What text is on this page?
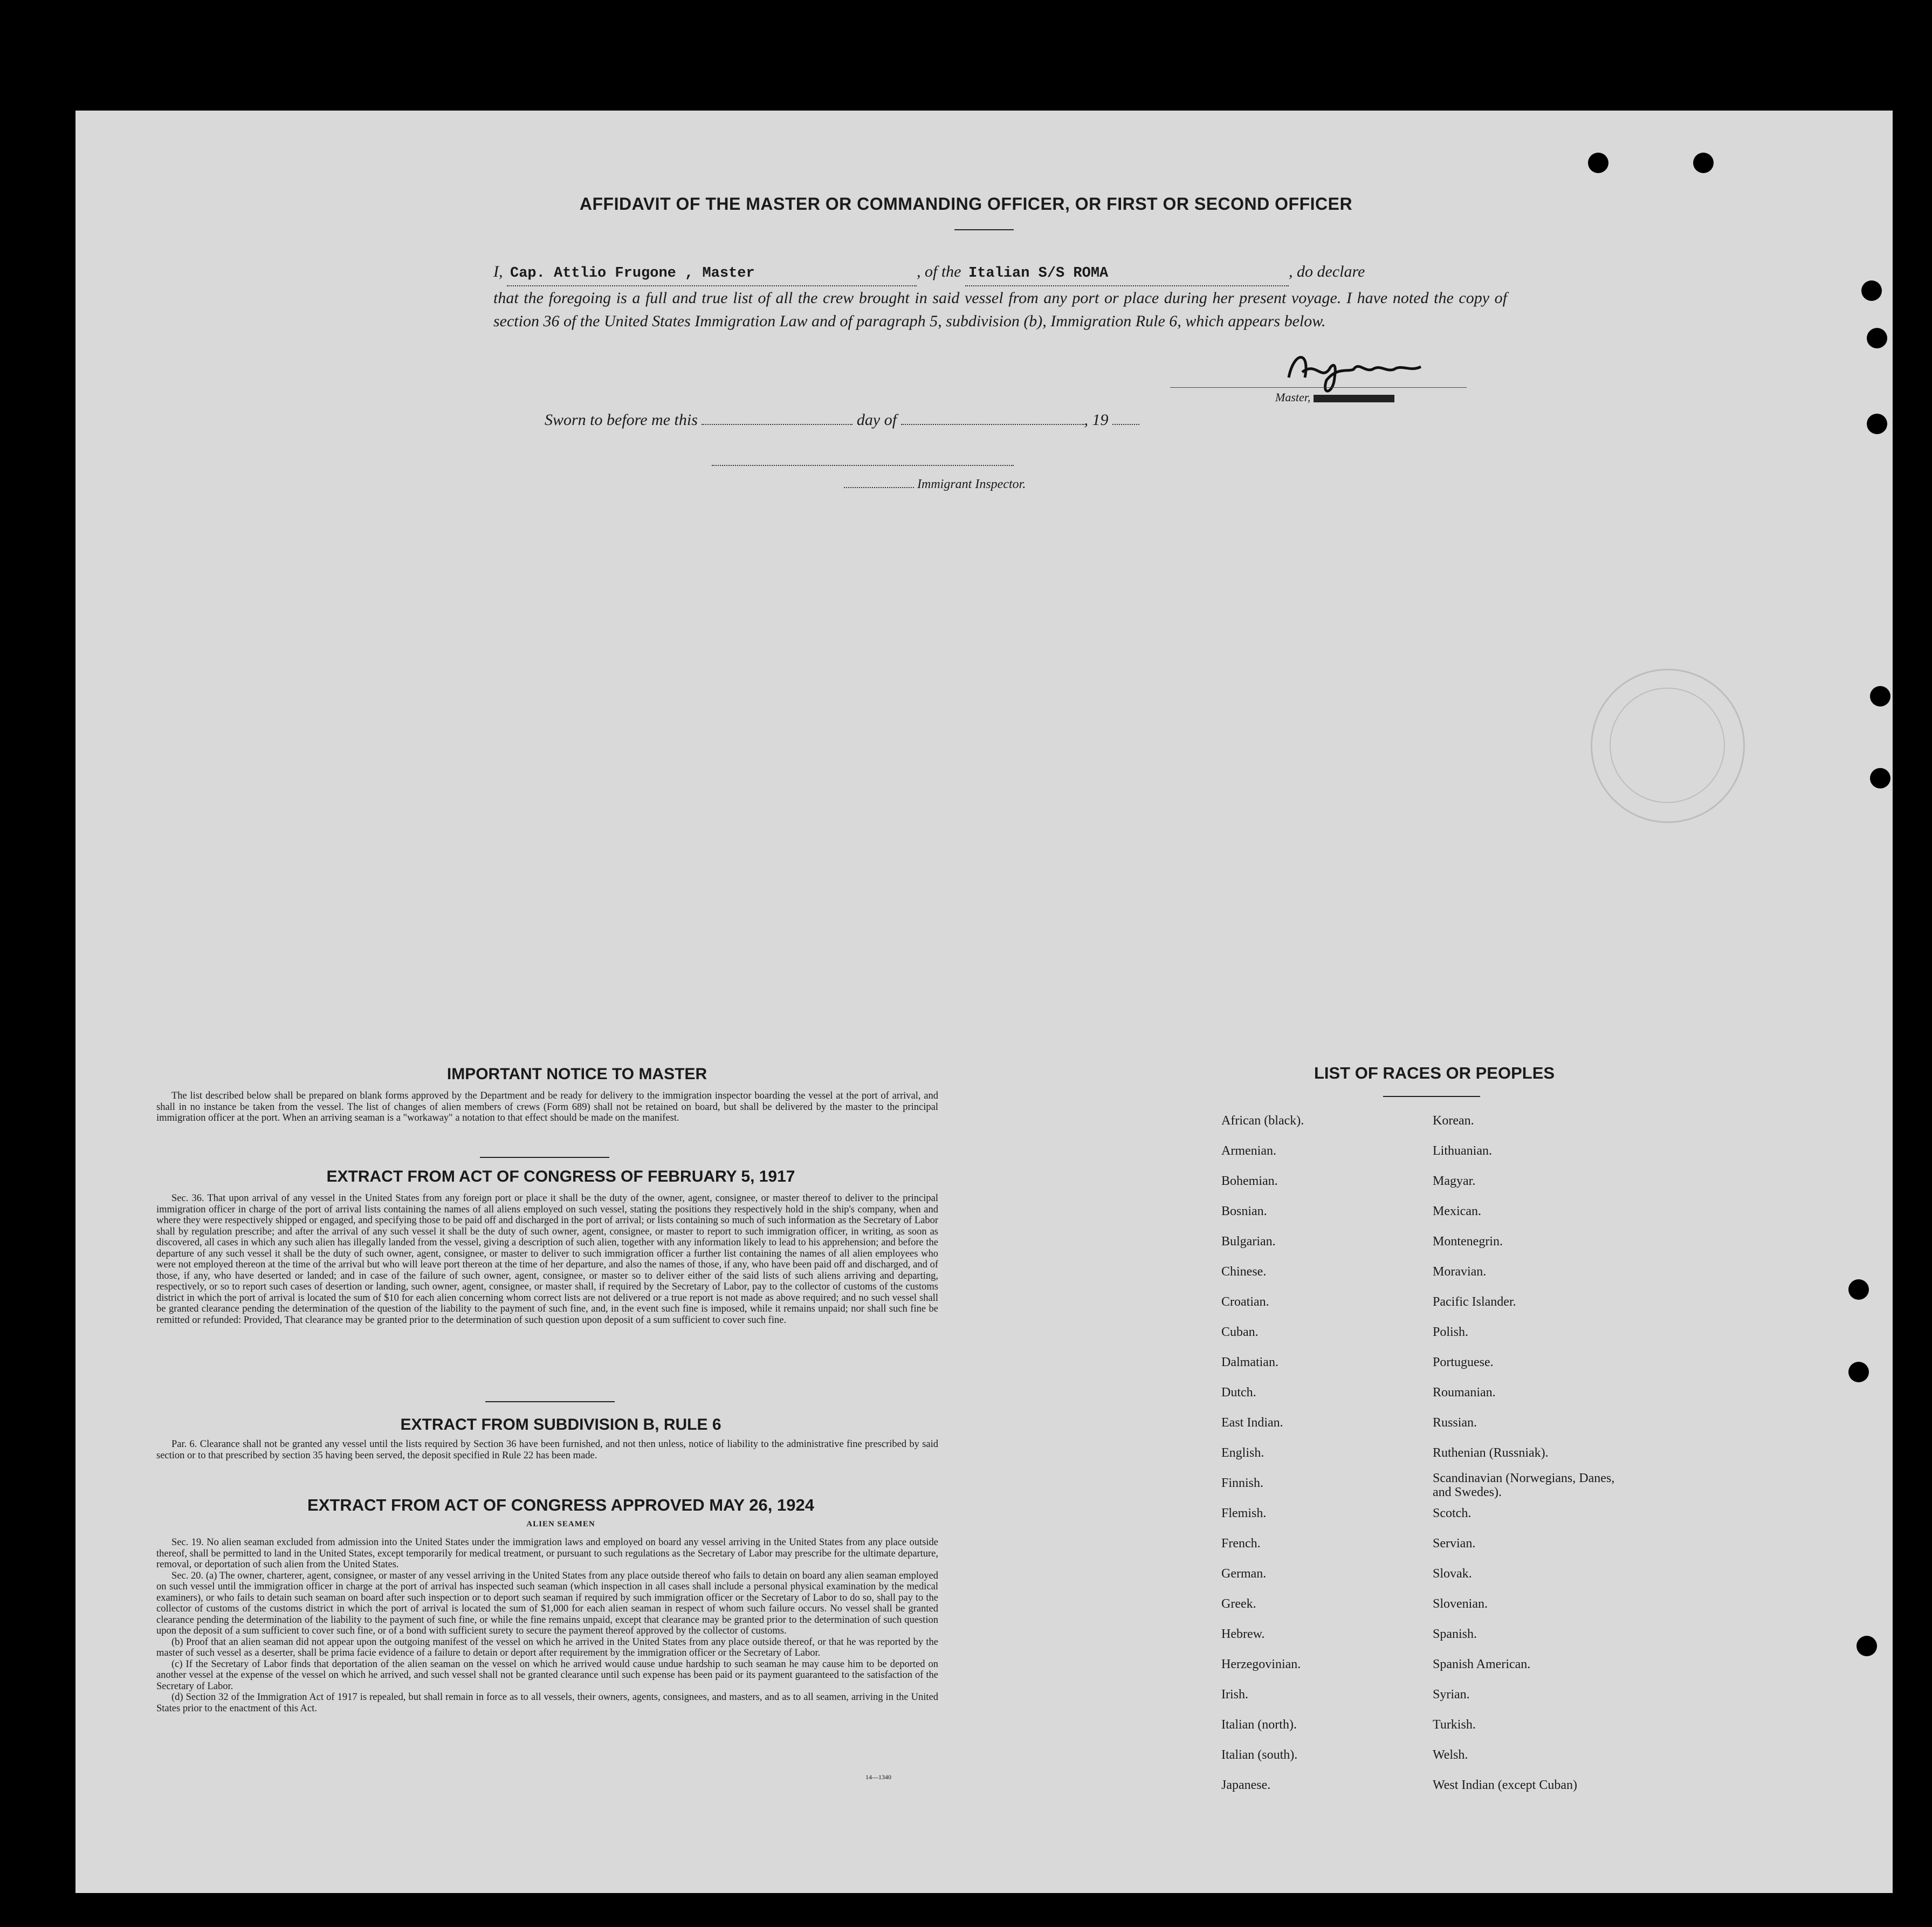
AFFIDAVIT OF THE MASTER OR COMMANDING OFFICER, OR FIRST OR SECOND OFFICER
I, Cap. Attlio Frugone , Master	, of the Italian S/S ROMA	, do declare
that the foregoing is a full and true list of all the crew brought in said vessel from any port or place during her present voyage. I have noted the copy of section 36 of the United States Immigration Law and of paragraph 5, subdivision (b), Immigration Rule 6, which appears below.
Master,
Sworn to before me this	day of	, 19
Immigrant Inspector.
IMPORTANT NOTICE TO MASTER

The list described below shall be prepared on blank forms approved by the Department and be ready for delivery to the immigration inspector boarding the vessel at the port of arrival, and shall in no instance be taken from the vessel. The list of changes of alien members of crews (Form 689) shall not be retained on board, but shall be delivered by the master to the principal immigration officer at the port. When an arriving seaman is a "workaway" a notation to that effect should be made on the manifest.

EXTRACT FROM ACT OF CONGRESS OF FEBRUARY 5, 1917

Sec. 36. That upon arrival of any vessel in the United States from any foreign port or place it shall be the duty of the owner, agent, consignee, or master thereof to deliver to the principal immigration officer in charge of the port of arrival lists containing the names of all aliens employed on such vessel, stating the positions they respectively hold in the ship's company, when and where they were respectively shipped or engaged, and specifying those to be paid off and discharged in the port of arrival; or lists containing so much of such information as the Secretary of Labor shall by regulation prescribe; and after the arrival of any such vessel it shall be the duty of such owner, agent, consignee, or master to report to such immigration officer, in writing, as soon as discovered, all cases in which any such alien has illegally landed from the vessel, giving a description of such alien, together with any information likely to lead to his apprehension; and before the departure of any such vessel it shall be the duty of such owner, agent, consignee, or master to deliver to such immigration officer a further list containing the names of all alien employees who were not employed thereon at the time of the arrival but who will leave port thereon at the time of her departure, and also the names of those, if any, who have been paid off and discharged, and of those, if any, who have deserted or landed; and in case of the failure of such owner, agent, consignee, or master so to deliver either of the said lists of such aliens arriving and departing, respectively, or so to report such cases of desertion or landing, such owner, agent, consignee, or master shall, if required by the Secretary of Labor, pay to the collector of customs of the customs district in which the port of arrival is located the sum of $10 for each alien concerning whom correct lists are not delivered or a true report is not made as above required; and no such vessel shall be granted clearance pending the determination of the question of the liability to the payment of such fine, and, in the event such fine is imposed, while it remains unpaid; nor shall such fine be remitted or refunded: Provided, That clearance may be granted prior to the determination of such question upon deposit of a sum sufficient to cover such fine.

EXTRACT FROM SUBDIVISION B, RULE 6

Par. 6. Clearance shall not be granted any vessel until the lists required by Section 36 have been furnished, and not then unless, notice of liability to the administrative fine prescribed by said section or to that prescribed by section 35 having been served, the deposit specified in Rule 22 has been made.

EXTRACT FROM ACT OF CONGRESS APPROVED MAY 26, 1924
ALIEN SEAMEN

Sec. 19. No alien seaman excluded from admission into the United States under the immigration laws and employed on board any vessel arriving in the United States from any place outside thereof, shall be permitted to land in the United States, except temporarily for medical treatment, or pursuant to such regulations as the Secretary of Labor may prescribe for the ultimate departure, removal, or deportation of such alien from the United States.

Sec. 20. (a) The owner, charterer, agent, consignee, or master of any vessel arriving in the United States from any place outside thereof who fails to detain on board any alien seaman employed on such vessel until the immigration officer in charge at the port of arrival has inspected such seaman (which inspection in all cases shall include a personal physical examination by the medical examiners), or who fails to detain such seaman on board after such inspection or to deport such seaman if required by such immigration officer or the Secretary of Labor to do so, shall pay to the collector of customs of the customs district in which the port of arrival is located the sum of $1,000 for each alien seaman in respect of whom such failure occurs. No vessel shall be granted clearance pending the determination of the liability to the payment of such fine, or while the fine remains unpaid, except that clearance may be granted prior to the determination of such question upon the deposit of a sum sufficient to cover such fine, or of a bond with sufficient surety to secure the payment thereof approved by the collector of customs.

(b) Proof that an alien seaman did not appear upon the outgoing manifest of the vessel on which he arrived in the United States from any place outside thereof, or that he was reported by the master of such vessel as a deserter, shall be prima facie evidence of a failure to detain or deport after requirement by the immigration officer or the Secretary of Labor.

(c) If the Secretary of Labor finds that deportation of the alien seaman on the vessel on which he arrived would cause undue hardship to such seaman he may cause him to be deported on another vessel at the expense of the vessel on which he arrived, and such vessel shall not be granted clearance until such expense has been paid or its payment guaranteed to the satisfaction of the Secretary of Labor.

(d) Section 32 of the Immigration Act of 1917 is repealed, but shall remain in force as to all vessels, their owners, agents, consignees, and masters, and as to all seamen, arriving in the United States prior to the enactment of this Act.

14—1340
LIST OF RACES OR PEOPLES
African (black).
Armenian.
Bohemian.
Bosnian.
Bulgarian.
Chinese.
Croatian.
Cuban.
Dalmatian.
Dutch.
East Indian.
English.
Finnish.
Flemish.
French.
German.
Greek.
Hebrew.
Herzegovinian.
Irish.
Italian (north).
Italian (south).
Japanese.
Korean.
Lithuanian.
Magyar.
Mexican.
Montenegrin.
Moravian.
Pacific Islander.
Polish.
Portuguese.
Roumanian.
Russian.
Ruthenian (Russniak).
Scandinavian (Norwegians, Danes, and Swedes).
Scotch.
Servian.
Slovak.
Slovenian.
Spanish.
Spanish American.
Syrian.
Turkish.
Welsh.
West Indian (except Cuban)
